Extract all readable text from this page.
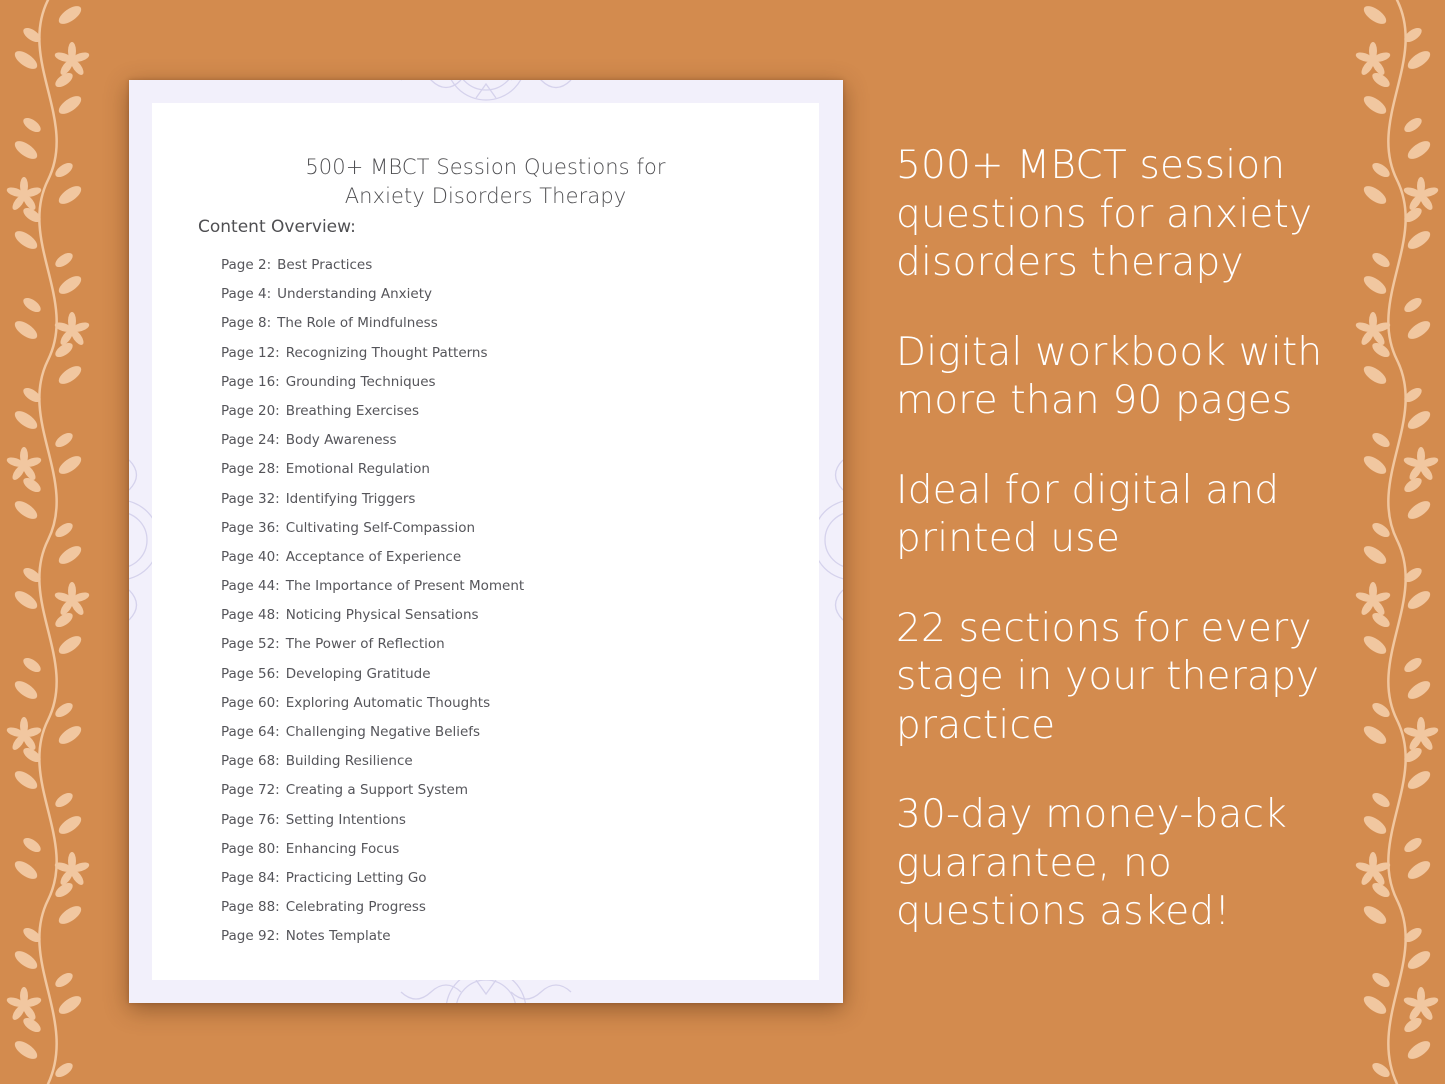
500+ MBCT Session Questions for
Anxiety Disorders Therapy
Content Overview:
Page 2: Best Practices
Page 4: Understanding Anxiety
Page 8: The Role of Mindfulness
Page 12: Recognizing Thought Patterns
Page 16: Grounding Techniques
Page 20: Breathing Exercises
Page 24: Body Awareness
Page 28: Emotional Regulation
Page 32: Identifying Triggers
Page 36: Cultivating Self-Compassion
Page 40: Acceptance of Experience
Page 44: The Importance of Present Moment
Page 48: Noticing Physical Sensations
Page 52: The Power of Reflection
Page 56: Developing Gratitude
Page 60: Exploring Automatic Thoughts
Page 64: Challenging Negative Beliefs
Page 68: Building Resilience
Page 72: Creating a Support System
Page 76: Setting Intentions
Page 80: Enhancing Focus
Page 84: Practicing Letting Go
Page 88: Celebrating Progress
Page 92: Notes Template
500+ MBCT session
questions for anxiety
disorders therapy
Digital workbook with
more than 90 pages
Ideal for digital and
printed use
22 sections for every
stage in your therapy
practice
30-day money-back
guarantee, no
questions asked!
